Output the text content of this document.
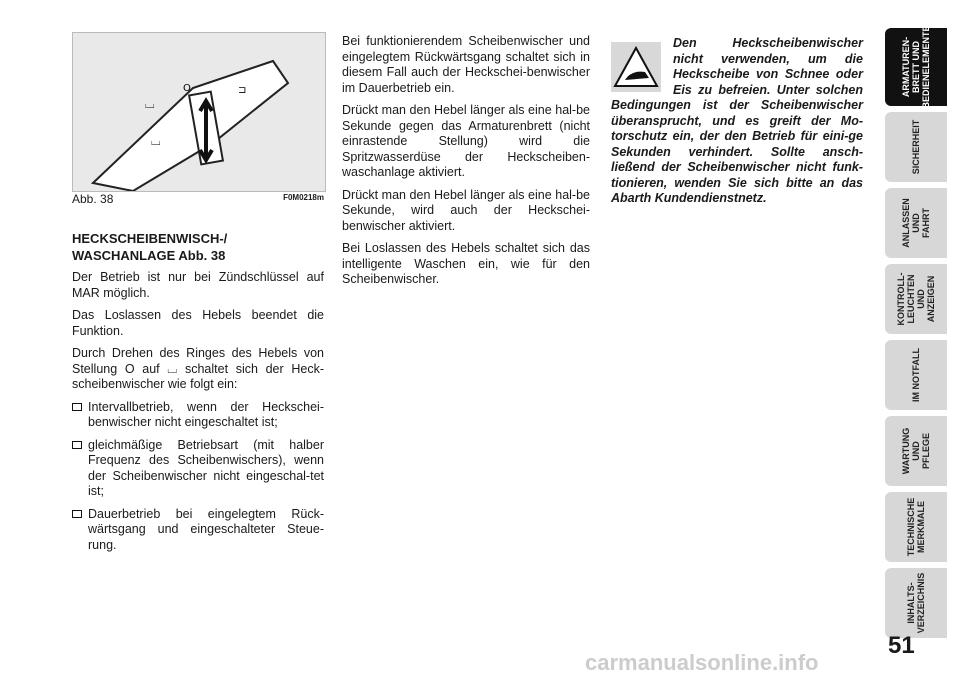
⌴
⌴
O	⊐
Abb. 38	F0M0218m
HECKSCHEIBENWISCH-/
WASCHANLAGE Abb. 38

Der Betrieb ist nur bei Zündschlüssel auf MAR möglich.

Das Loslassen des Hebels beendet die Funktion.

Durch Drehen des Ringes des Hebels von Stellung O auf ⌴ schaltet sich der Heck-scheibenwischer wie folgt ein:

Intervallbetrieb, wenn der Heckschei-benwischer nicht eingeschaltet ist;
gleichmäßige Betriebsart (mit halber Frequenz des Scheibenwischers), wenn der Scheibenwischer nicht eingeschal-tet ist;
Dauerbetrieb bei eingelegtem Rück-wärtsgang und eingeschalteter Steue-rung.

Bei funktionierendem Scheibenwischer und eingelegtem Rückwärtsgang schaltet sich in diesem Fall auch der Heckschei-benwischer im Dauerbetrieb ein.

Drückt man den Hebel länger als eine hal-be Sekunde gegen das Armaturenbrett (nicht einrastende Stellung) wird die Spritzwasserdüse der Heckscheiben-waschanlage aktiviert.

Drückt man den Hebel länger als eine hal-be Sekunde, wird auch der Heckschei-benwischer aktiviert.

Bei Loslassen des Hebels schaltet sich das intelligente Waschen ein, wie für den Scheibenwischer.

Den Heckscheibenwischer nicht verwenden, um die Heckscheibe von Schnee oder Eis zu befreien. Unter solchen Bedingungen ist der Scheibenwischer überansprucht, und es greift der Mo-torschutz ein, der den Betrieb für eini-ge Sekunden verhindert. Sollte ansch-ließend der Scheibenwischer nicht funk-tionieren, wenden Sie sich bitte an das Abarth Kundendienstnetz.
ARMATUREN-
BRETT UND
BEDIENELEMENTE
SICHERHEIT
ANLASSEN
UND FAHRT
KONTROLL-
LEUCHTEN UND
ANZEIGEN
IM NOTFALL
WARTUNG UND
PFLEGE
TECHNISCHE
MERKMALE
INHALTS-
VERZEICHNIS
51
carmanualsonline.info
